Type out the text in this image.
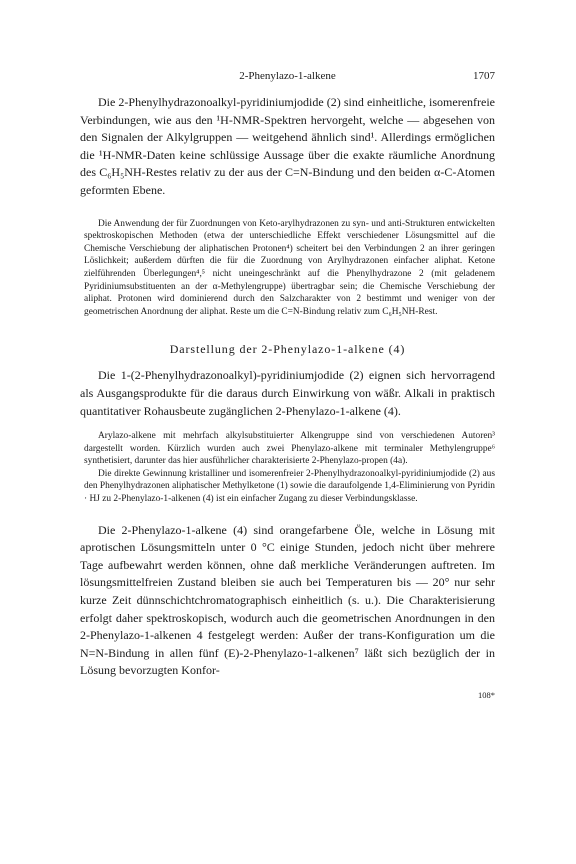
2-Phenylazo-1-alkene	1707

Die 2-Phenylhydrazonoalkyl-pyridiniumjodide (2) sind einheitliche, isomerenfreie Verbindungen, wie aus den ¹H-NMR-Spektren hervorgeht, welche — abgesehen von den Signalen der Alkylgruppen — weitgehend ähnlich sind¹. Allerdings ermöglichen die ¹H-NMR-Daten keine schlüssige Aussage über die exakte räumliche Anordnung des C₆H₅NH-Restes relativ zu der aus der C=N-Bindung und den beiden α-C-Atomen geformten Ebene.

Die Anwendung der für Zuordnungen von Keto-arylhydrazonen zu syn- und anti-Strukturen entwickelten spektroskopischen Methoden (etwa der unterschiedliche Effekt verschiedener Lösungsmittel auf die Chemische Verschiebung der aliphatischen Protonen⁴) scheitert bei den Verbindungen 2 an ihrer geringen Löslichkeit; außerdem dürften die für die Zuordnung von Arylhydrazonen einfacher aliphat. Ketone zielführenden Überlegungen⁴,⁵ nicht uneingeschränkt auf die Phenylhydrazone 2 (mit geladenem Pyridiniumsubstituenten an der α-Methylengruppe) übertragbar sein; die Chemische Verschiebung der aliphat. Protonen wird dominierend durch den Salzcharakter von 2 bestimmt und weniger von der geometrischen Anordnung der aliphat. Reste um die C=N-Bindung relativ zum C₆H₅NH-Rest.

Darstellung der 2-Phenylazo-1-alkene (4)

Die 1-(2-Phenylhydrazonoalkyl)-pyridiniumjodide (2) eignen sich hervorragend als Ausgangsprodukte für die daraus durch Einwirkung von wäßr. Alkali in praktisch quantitativer Rohausbeute zugänglichen 2-Phenylazo-1-alkene (4).

Arylazo-alkene mit mehrfach alkylsubstituierter Alkengruppe sind von verschiedenen Autoren³ dargestellt worden. Kürzlich wurden auch zwei Phenylazo-alkene mit terminaler Methylengruppe⁶ synthetisiert, darunter das hier ausführlicher charakterisierte 2-Phenylazo-propen (4a).

Die direkte Gewinnung kristalliner und isomerenfreier 2-Phenylhydrazonoalkyl-pyridiniumjodide (2) aus den Phenylhydrazonen aliphatischer Methylketone (1) sowie die daraufolgende 1,4-Eliminierung von Pyridin · HJ zu 2-Phenylazo-1-alkenen (4) ist ein einfacher Zugang zu dieser Verbindungsklasse.

Die 2-Phenylazo-1-alkene (4) sind orangefarbene Öle, welche in Lösung mit aprotischen Lösungsmitteln unter 0 °C einige Stunden, jedoch nicht über mehrere Tage aufbewahrt werden können, ohne daß merkliche Veränderungen auftreten. Im lösungsmittelfreien Zustand bleiben sie auch bei Temperaturen bis — 20° nur sehr kurze Zeit dünnschichtchromatographisch einheitlich (s. u.). Die Charakterisierung erfolgt daher spektroskopisch, wodurch auch die geometrischen Anordnungen in den 2-Phenylazo-1-alkenen 4 festgelegt werden: Außer der trans-Konfiguration um die N=N-Bindung in allen fünf (E)-2-Phenylazo-1-alkenen⁷ läßt sich bezüglich der in Lösung bevorzugten Konfor-

108*
